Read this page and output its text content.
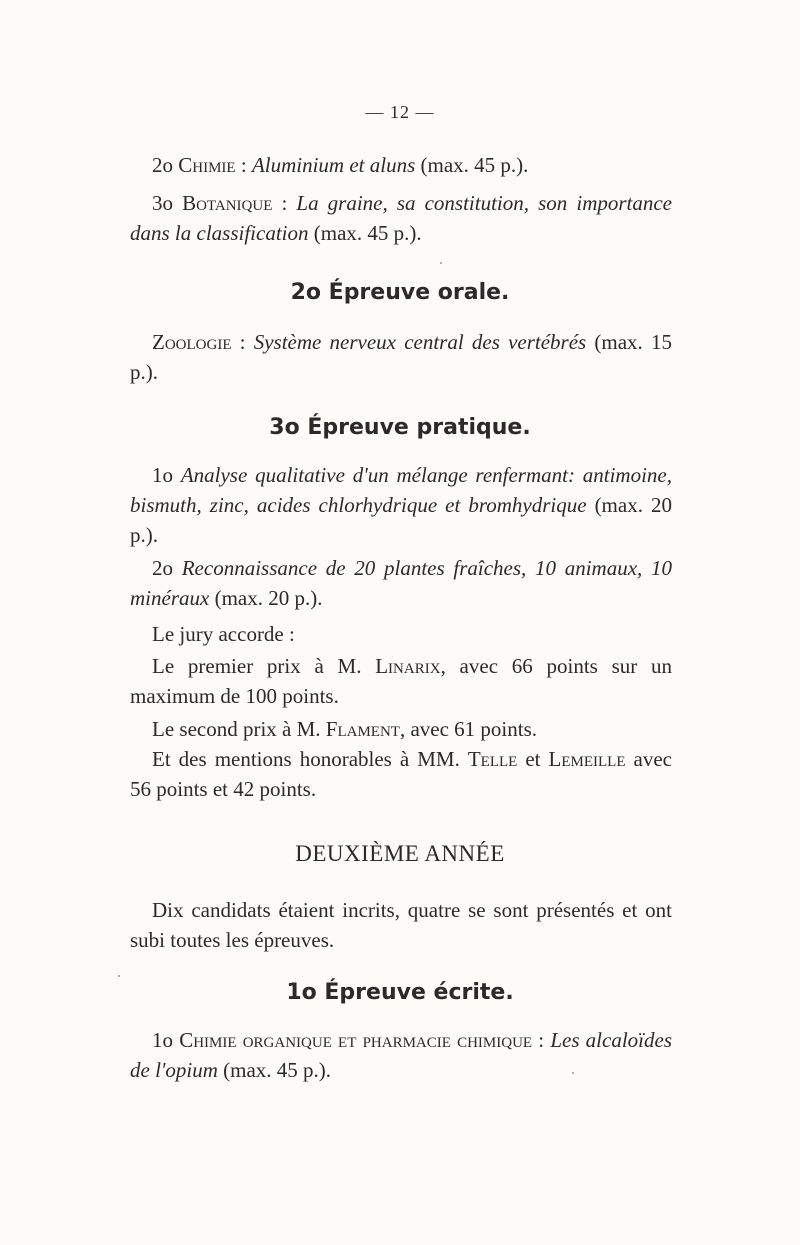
— 12 —
2o Chimie : Aluminium et aluns (max. 45 p.).
3o Botanique : La graine, sa constitution, son importance dans la classification (max. 45 p.).
2o Épreuve orale.
Zoologie : Système nerveux central des vertébrés (max. 15 p.).
3o Épreuve pratique.
1o Analyse qualitative d'un mélange renfermant: antimoine, bismuth, zinc, acides chlorhydrique et bromhydrique (max. 20 p.).
2o Reconnaissance de 20 plantes fraîches, 10 animaux, 10 minéraux (max. 20 p.).
Le jury accorde :
Le premier prix à M. Linarix, avec 66 points sur un maximum de 100 points.
Le second prix à M. Flament, avec 61 points.
Et des mentions honorables à MM. Telle et Lemeille avec 56 points et 42 points.
DEUXIÈME ANNÉE
Dix candidats étaient incrits, quatre se sont présentés et ont subi toutes les épreuves.
1o Épreuve écrite.
1o Chimie organique et pharmacie chimique : Les alcaloïdes de l'opium (max. 45 p.).
